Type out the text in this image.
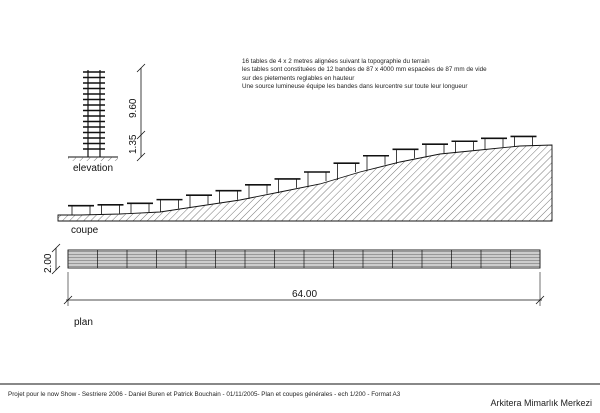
9.60
1.35
2.00
64.00
16 tables de 4 x 2 metres alignées suivant la topographie du terrain
les tables sont constituées de 12 bandes de 87 x 4000 mm espacées de 87 mm de vide
sur des pietements reglables en hauteur
Une source lumineuse équipe les bandes dans leurcentre sur toute leur longueur
elevation
coupe
plan
Projet pour le now Show - Sestriere 2006 - Daniel Buren et Patrick Bouchain - 01/11/2005- Plan et coupes générales - ech 1/200 - Format A3
Arkitera Mimarlık Merkezi
